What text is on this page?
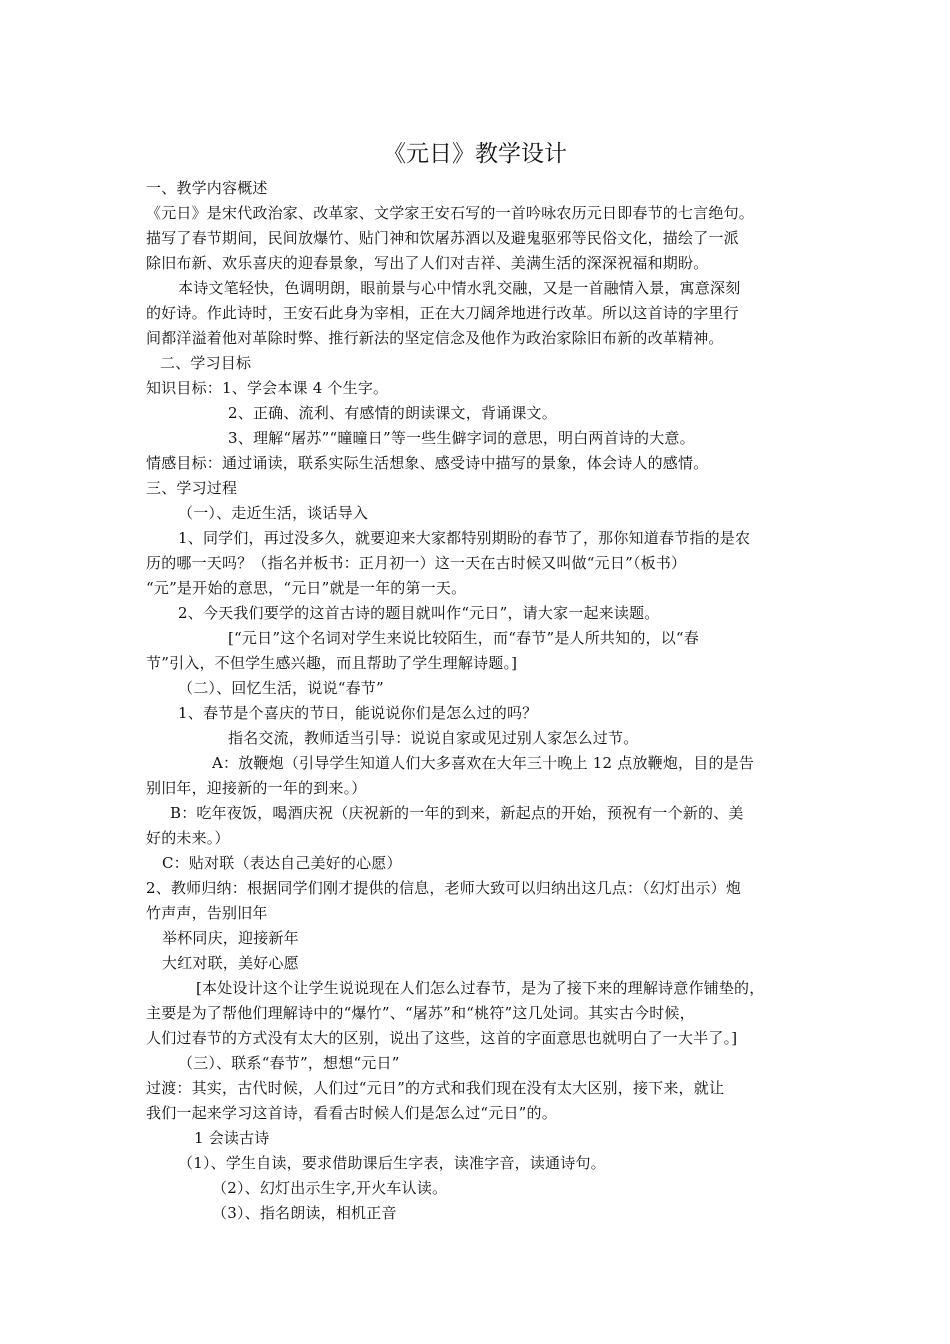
《元日》教学设计
一、教学内容概述
《元日》是宋代政治家、改革家、文学家王安石写的一首吟咏农历元日即春节的七言绝句。
描写了春节期间，民间放爆竹、贴门神和饮屠苏酒以及避鬼驱邪等民俗文化，描绘了一派
除旧布新、欢乐喜庆的迎春景象，写出了人们对吉祥、美满生活的深深祝福和期盼。
本诗文笔轻快，色调明朗，眼前景与心中情水乳交融，又是一首融情入景，寓意深刻
的好诗。作此诗时，王安石此身为宰相，正在大刀阔斧地进行改革。所以这首诗的字里行
间都洋溢着他对革除时弊、推行新法的坚定信念及他作为政治家除旧布新的改革精神。
二、学习目标
知识目标：1、学会本课 4 个生字。
2、正确、流利、有感情的朗读课文，背诵课文。
3、理解“屠苏”“曈曈日”等一些生僻字词的意思，明白两首诗的大意。
情感目标：通过诵读，联系实际生活想象、感受诗中描写的景象，体会诗人的感情。
三、学习过程
（一）、走近生活，谈话导入
1、同学们，再过没多久，就要迎来大家都特别期盼的春节了，那你知道春节指的是农
历的哪一天吗？（指名并板书：正月初一）这一天在古时候又叫做“元日”（板书）
“元”是开始的意思，“元日”就是一年的第一天。
2、今天我们要学的这首古诗的题目就叫作“元日”，请大家一起来读题。
[“元日”这个名词对学生来说比较陌生，而“春节”是人所共知的，以“春
节”引入，不但学生感兴趣，而且帮助了学生理解诗题。]
（二）、回忆生活，说说“春节”
1、春节是个喜庆的节日，能说说你们是怎么过的吗？
指名交流，教师适当引导：说说自家或见过别人家怎么过节。
A：放鞭炮（引导学生知道人们大多喜欢在大年三十晚上 12 点放鞭炮，目的是告
别旧年，迎接新的一年的到来。）
B：吃年夜饭，喝酒庆祝（庆祝新的一年的到来，新起点的开始，预祝有一个新的、美
好的未来。）
C：贴对联（表达自己美好的心愿）
2、教师归纳：根据同学们刚才提供的信息，老师大致可以归纳出这几点：（幻灯出示）炮
竹声声，告别旧年
举杯同庆，迎接新年
大红对联，美好心愿
[本处设计这个让学生说说现在人们怎么过春节，是为了接下来的理解诗意作铺垫的，
主要是为了帮他们理解诗中的“爆竹”、“屠苏”和“桃符”这几处词。其实古今时候，
人们过春节的方式没有太大的区别，说出了这些，这首的字面意思也就明白了一大半了。]
（三）、联系“春节”，想想“元日”
过渡：其实，古代时候，人们过“元日”的方式和我们现在没有太大区别，接下来，就让
我们一起来学习这首诗，看看古时候人们是怎么过“元日”的。
1 会读古诗
（1）、学生自读，要求借助课后生字表，读准字音，读通诗句。
（2）、幻灯出示生字,开火车认读。
（3）、指名朗读，相机正音
